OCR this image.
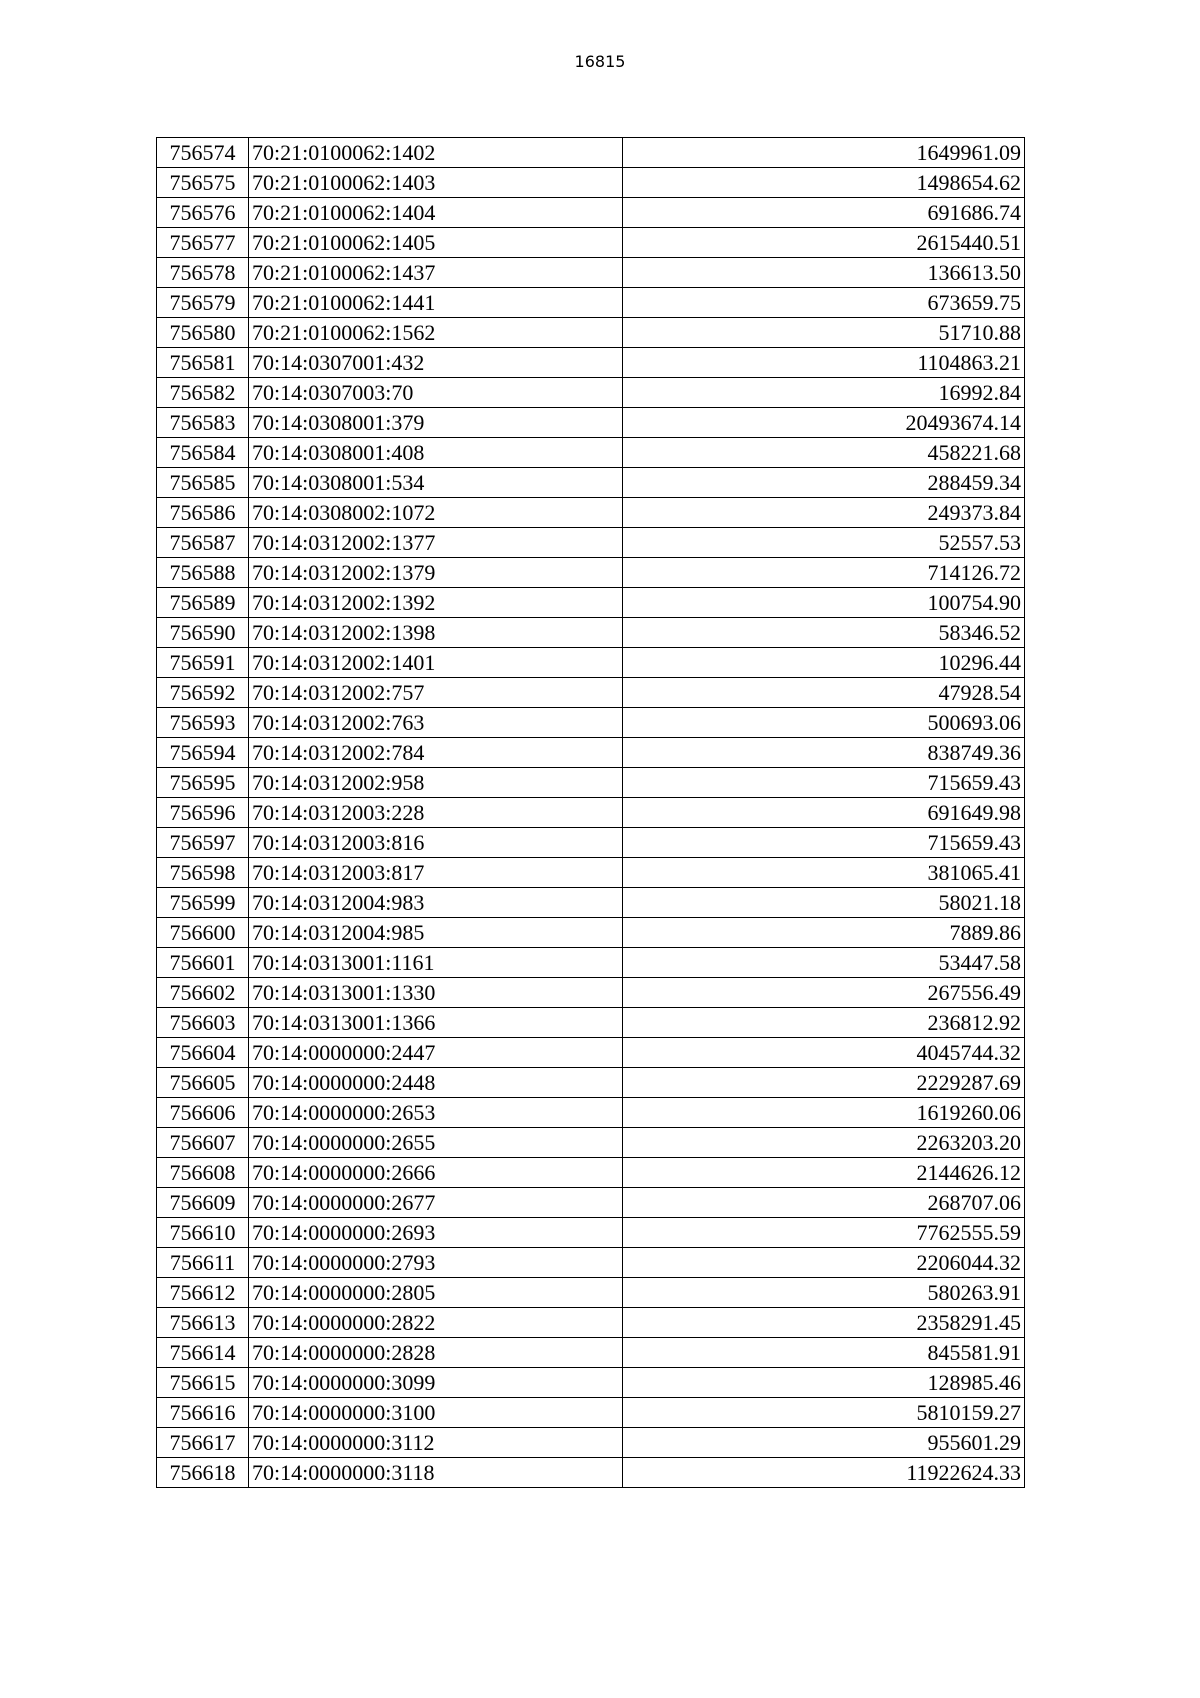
16815
756574	70:21:0100062:1402	1649961.09
756575	70:21:0100062:1403	1498654.62
756576	70:21:0100062:1404	691686.74
756577	70:21:0100062:1405	2615440.51
756578	70:21:0100062:1437	136613.50
756579	70:21:0100062:1441	673659.75
756580	70:21:0100062:1562	51710.88
756581	70:14:0307001:432	1104863.21
756582	70:14:0307003:70	16992.84
756583	70:14:0308001:379	20493674.14
756584	70:14:0308001:408	458221.68
756585	70:14:0308001:534	288459.34
756586	70:14:0308002:1072	249373.84
756587	70:14:0312002:1377	52557.53
756588	70:14:0312002:1379	714126.72
756589	70:14:0312002:1392	100754.90
756590	70:14:0312002:1398	58346.52
756591	70:14:0312002:1401	10296.44
756592	70:14:0312002:757	47928.54
756593	70:14:0312002:763	500693.06
756594	70:14:0312002:784	838749.36
756595	70:14:0312002:958	715659.43
756596	70:14:0312003:228	691649.98
756597	70:14:0312003:816	715659.43
756598	70:14:0312003:817	381065.41
756599	70:14:0312004:983	58021.18
756600	70:14:0312004:985	7889.86
756601	70:14:0313001:1161	53447.58
756602	70:14:0313001:1330	267556.49
756603	70:14:0313001:1366	236812.92
756604	70:14:0000000:2447	4045744.32
756605	70:14:0000000:2448	2229287.69
756606	70:14:0000000:2653	1619260.06
756607	70:14:0000000:2655	2263203.20
756608	70:14:0000000:2666	2144626.12
756609	70:14:0000000:2677	268707.06
756610	70:14:0000000:2693	7762555.59
756611	70:14:0000000:2793	2206044.32
756612	70:14:0000000:2805	580263.91
756613	70:14:0000000:2822	2358291.45
756614	70:14:0000000:2828	845581.91
756615	70:14:0000000:3099	128985.46
756616	70:14:0000000:3100	5810159.27
756617	70:14:0000000:3112	955601.29
756618	70:14:0000000:3118	11922624.33
